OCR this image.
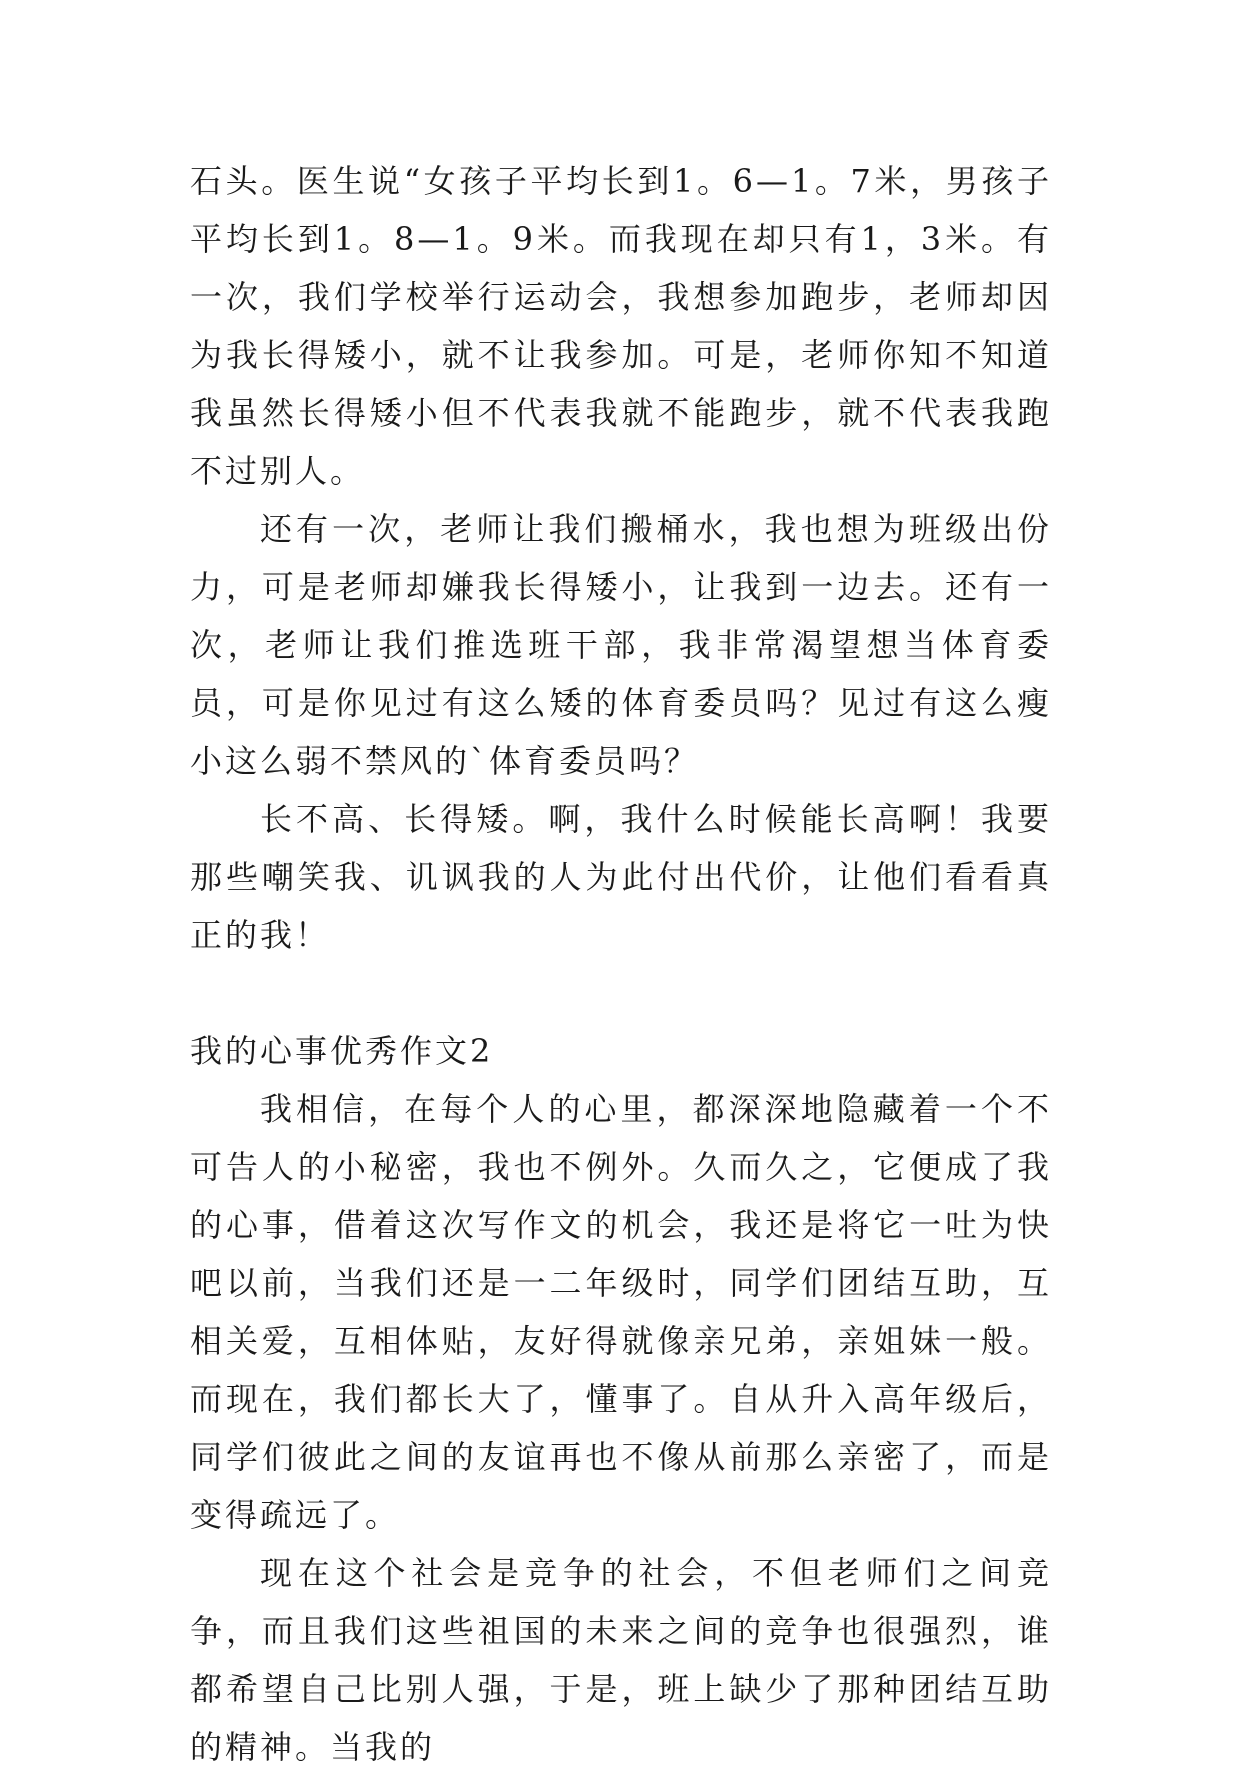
石头。医生说“女孩子平均长到1。6—1。7米，男孩子平均长到1。8—1。9米。而我现在却只有1，3米。有一次，我们学校举行运动会，我想参加跑步，老师却因为我长得矮小，就不让我参加。可是，老师你知不知道我虽然长得矮小但不代表我就不能跑步，就不代表我跑不过别人。

还有一次，老师让我们搬桶水，我也想为班级出份力，可是老师却嫌我长得矮小，让我到一边去。还有一次，老师让我们推选班干部，我非常渴望想当体育委员，可是你见过有这么矮的体育委员吗？见过有这么瘦小这么弱不禁风的`体育委员吗？

长不高、长得矮。啊，我什么时候能长高啊！我要那些嘲笑我、讥讽我的人为此付出代价，让他们看看真正的我！

我的心事优秀作文2

我相信，在每个人的心里，都深深地隐藏着一个不可告人的小秘密，我也不例外。久而久之，它便成了我的心事，借着这次写作文的机会，我还是将它一吐为快吧以前，当我们还是一二年级时，同学们团结互助，互相关爱，互相体贴，友好得就像亲兄弟，亲姐妹一般。而现在，我们都长大了，懂事了。自从升入高年级后，同学们彼此之间的友谊再也不像从前那么亲密了，而是变得疏远了。

现在这个社会是竞争的社会，不但老师们之间竞争，而且我们这些祖国的未来之间的竞争也很强烈，谁都希望自己比别人强，于是，班上缺少了那种团结互助的精神。当我的
